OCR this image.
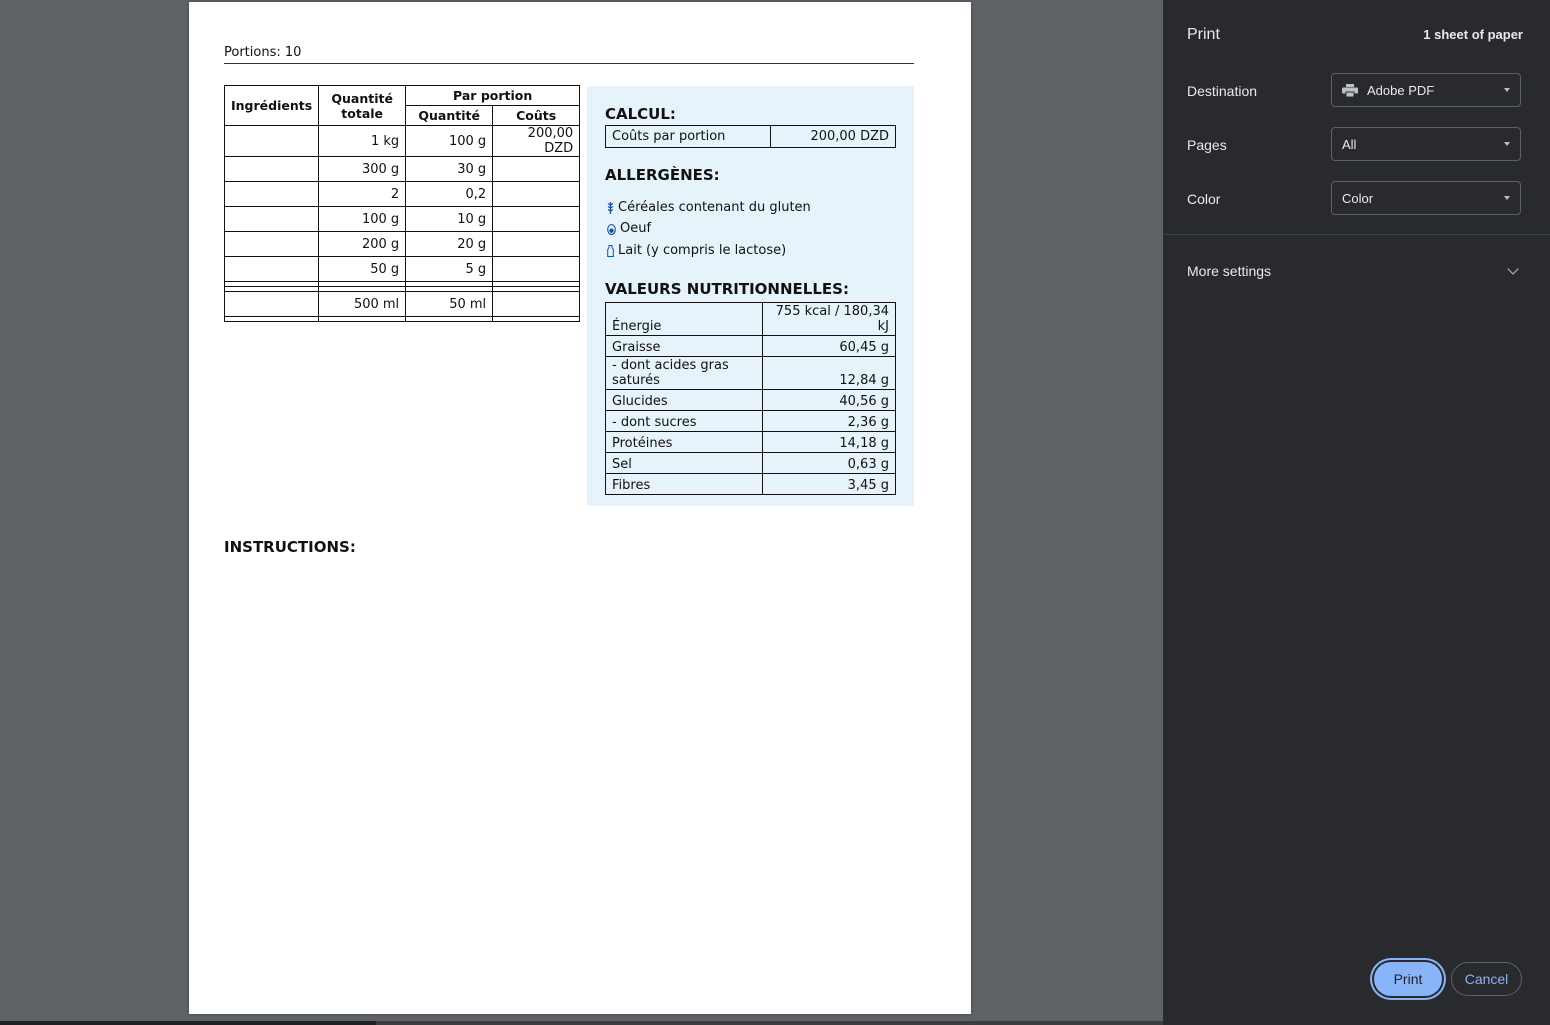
Portions: 10
Ingrédients	Quantité totale	Par portion	
		Quantité	Coûts
	1 kg	100 g	200,00 DZD
	300 g	30 g	
	2	0,2	
	100 g	10 g	
	200 g	20 g	
	50 g	5 g	

	500 ml	50 ml	

CALCUL:
Coûts par portion	200,00 DZD
ALLERGÈNES:
Céréales contenant du gluten
Oeuf
Lait (y compris le lactose)
VALEURS NUTRITIONNELLES:
Énergie	755 kcal / 180,34 kJ
Graisse	60,45 g
- dont acides gras saturés	12,84 g
Glucides	40,56 g
- dont sucres	2,36 g
Protéines	14,18 g
Sel	0,63 g
Fibres	3,45 g
INSTRUCTIONS:
Print	1 sheet of paper
Destination	Adobe PDF
Pages	All
Color	Color
More settings
Print	Cancel
